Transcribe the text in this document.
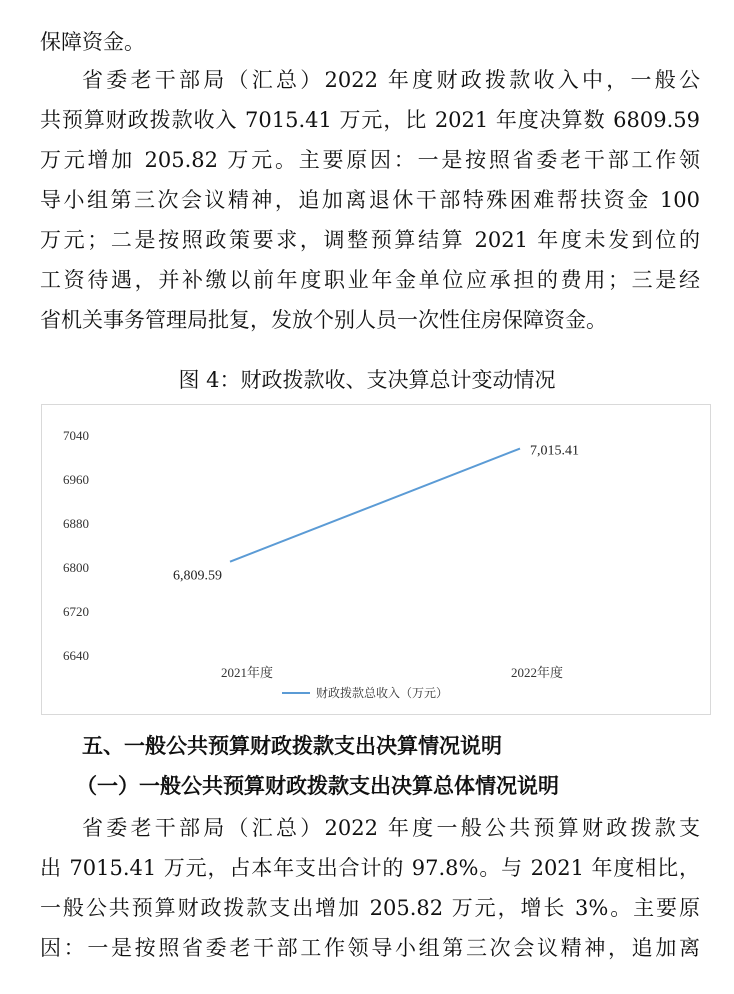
保障资金。
省委老干部局（汇总）2022 年度财政拨款收入中，一般公
共预算财政拨款收入 7015.41 万元，比 2021 年度决算数 6809.59
万元增加 205.82 万元。主要原因：一是按照省委老干部工作领
导小组第三次会议精神，追加离退休干部特殊困难帮扶资金 100
万元；二是按照政策要求，调整预算结算 2021 年度未发到位的
工资待遇，并补缴以前年度职业年金单位应承担的费用；三是经
省机关事务管理局批复，发放个别人员一次性住房保障资金。
图 4：财政拨款收、支决算总计变动情况
7040
6960
6880
6800
6720
6640
2021年度	2022年度
6,809.59
7,015.41
财政拨款总收入（万元）
五、一般公共预算财政拨款支出决算情况说明
（一）一般公共预算财政拨款支出决算总体情况说明
省委老干部局（汇总）2022 年度一般公共预算财政拨款支
出 7015.41 万元，占本年支出合计的 97.8%。与 2021 年度相比，
一般公共预算财政拨款支出增加 205.82 万元，增长 3%。主要原
因：一是按照省委老干部工作领导小组第三次会议精神，追加离
